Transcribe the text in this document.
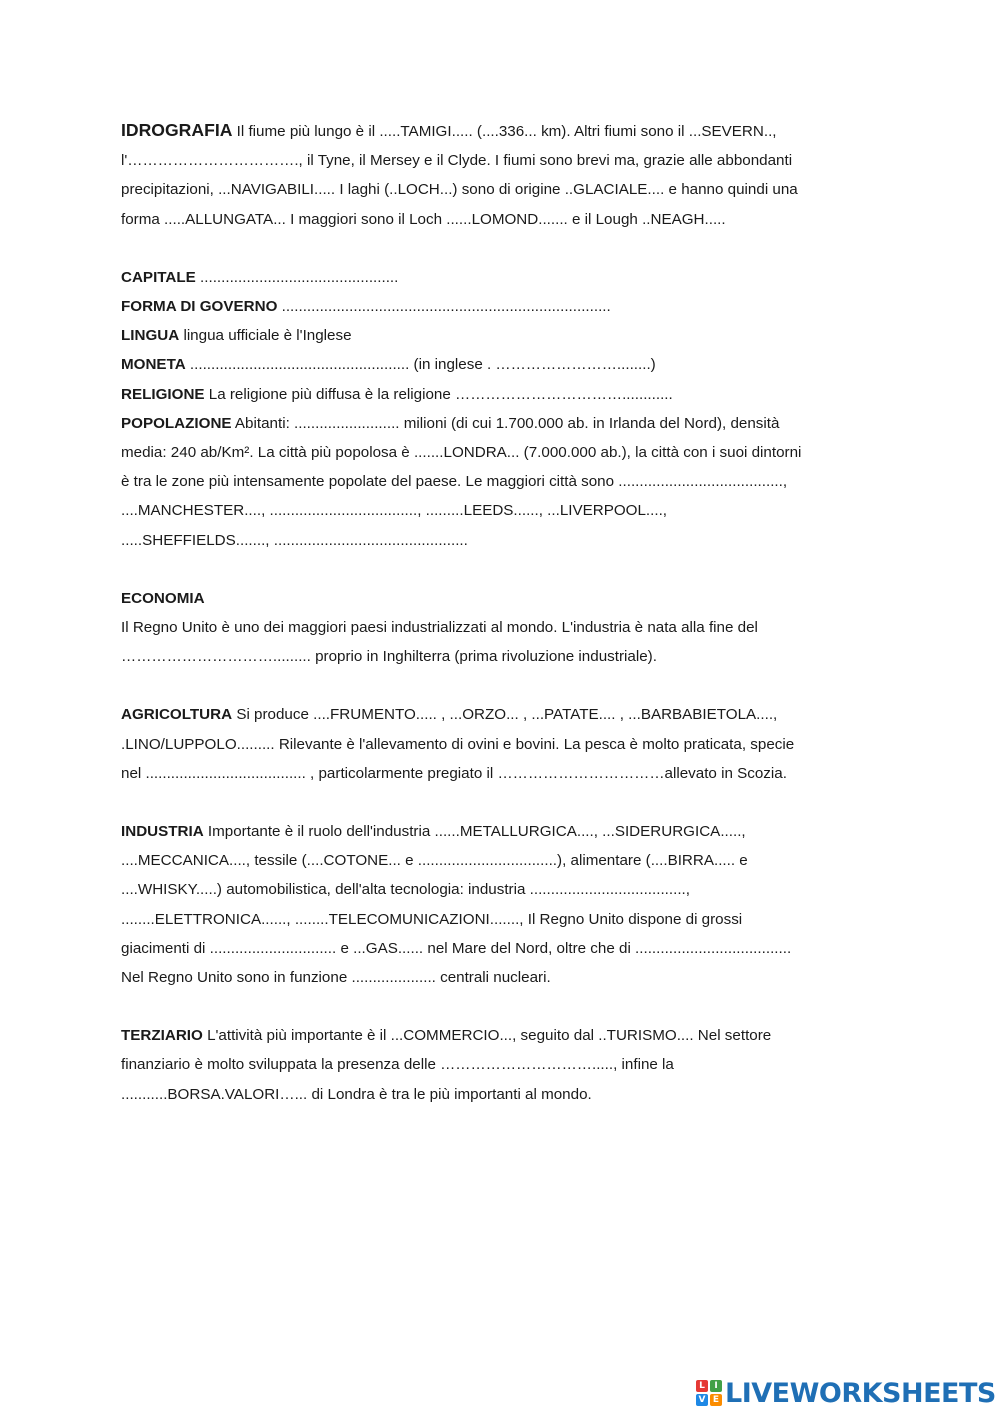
IDROGRAFIA Il fiume più lungo è il .....TAMIGI..... (....336... km). Altri fiumi sono il ...SEVERN..,
l'……………………………., il Tyne, il Mersey e il Clyde. I fiumi sono brevi ma, grazie alle abbondanti
precipitazioni, ...NAVIGABILI..... I laghi (..LOCH...) sono di origine ..GLACIALE.... e hanno quindi una
forma .....ALLUNGATA... I maggiori sono il Loch ......LOMOND....... e il Lough ..NEAGH.....
CAPITALE ...............................................
FORMA DI GOVERNO ..............................................................................
LINGUA lingua ufficiale è l'Inglese
MONETA .................................................... (in inglese . ……………………........)
RELIGIONE La religione più diffusa è la religione ……………………………............
POPOLAZIONE Abitanti: ......................... milioni (di cui 1.700.000 ab. in Irlanda del Nord), densità
media: 240 ab/Km². La città più popolosa è .......LONDRA... (7.000.000 ab.), la città con i suoi dintorni
è tra le zone più intensamente popolate del paese. Le maggiori città sono .......................................,
....MANCHESTER...., ..................................., .........LEEDS......, ...LIVERPOOL....,
.....SHEFFIELDS......., ..............................................
ECONOMIA
Il Regno Unito è uno dei maggiori paesi industrializzati al mondo. L'industria è nata alla fine del
…………………………......... proprio in Inghilterra (prima rivoluzione industriale).
AGRICOLTURA Si produce ....FRUMENTO..... , ...ORZO... , ...PATATE.... , ...BARBABIETOLA....,
.LINO/LUPPOLO......... Rilevante è l'allevamento di ovini e bovini. La pesca è molto praticata, specie
nel ...................................... , particolarmente pregiato il ……………………………allevato in Scozia.
INDUSTRIA Importante è il ruolo dell'industria ......METALLURGICA...., ...SIDERURGICA.....,
....MECCANICA...., tessile (....COTONE... e .................................), alimentare (....BIRRA..... e
....WHISKY.....) automobilistica, dell'alta tecnologia: industria .....................................,
........ELETTRONICA......, ........TELECOMUNICAZIONI......., Il Regno Unito dispone di grossi
giacimenti di .............................. e ...GAS...... nel Mare del Nord, oltre che di .....................................
Nel Regno Unito sono in funzione .................... centrali nucleari.
TERZIARIO L'attività più importante è il ...COMMERCIO..., seguito dal ..TURISMO.... Nel settore
finanziario è molto sviluppata la presenza delle …………………………....., infine la
...........BORSA.VALORI…... di Londra è tra le più importanti al mondo.
L	I
V E LIVEWORKSHEETS
